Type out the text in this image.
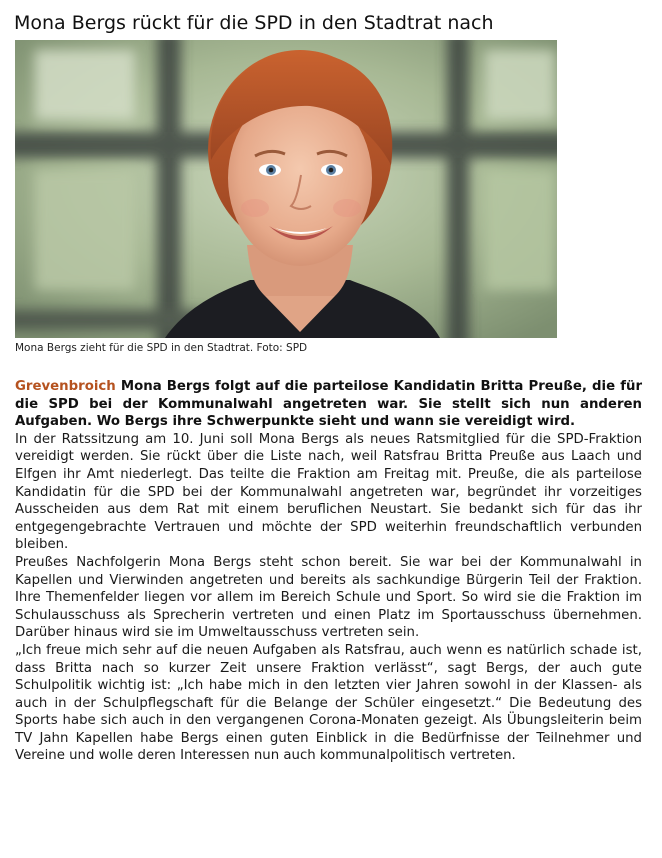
Mona Bergs rückt für die SPD in den Stadtrat nach
Mona Bergs zieht für die SPD in den Stadtrat. Foto: SPD

Grevenbroich Mona Bergs folgt auf die parteilose Kandidatin Britta Preuße, die für die SPD bei der Kommunalwahl angetreten war. Sie stellt sich nun anderen Aufgaben. Wo Bergs ihre Schwerpunkte sieht und wann sie vereidigt wird.

In der Ratssitzung am 10. Juni soll Mona Bergs als neues Ratsmitglied für die SPD-Fraktion vereidigt werden. Sie rückt über die Liste nach, weil Ratsfrau Britta Preuße aus Laach und Elfgen ihr Amt niederlegt. Das teilte die Fraktion am Freitag mit. Preuße, die als parteilose Kandidatin für die SPD bei der Kommunalwahl angetreten war, begründet ihr vorzeitiges Ausscheiden aus dem Rat mit einem beruflichen Neustart. Sie bedankt sich für das ihr entgegengebrachte Vertrauen und möchte der SPD weiterhin freundschaftlich verbunden bleiben.

Preußes Nachfolgerin Mona Bergs steht schon bereit. Sie war bei der Kommunalwahl in Kapellen und Vierwinden angetreten und bereits als sachkundige Bürgerin Teil der Fraktion. Ihre Themenfelder liegen vor allem im Bereich Schule und Sport. So wird sie die Fraktion im Schulausschuss als Sprecherin vertreten und einen Platz im Sportausschuss übernehmen. Darüber hinaus wird sie im Umweltausschuss vertreten sein.

„Ich freue mich sehr auf die neuen Aufgaben als Ratsfrau, auch wenn es natürlich schade ist, dass Britta nach so kurzer Zeit unsere Fraktion verlässt“, sagt Bergs, der auch gute Schulpolitik wichtig ist: „Ich habe mich in den letzten vier Jahren sowohl in der Klassen- als auch in der Schulpflegschaft für die Belange der Schüler eingesetzt.“ Die Bedeutung des Sports habe sich auch in den vergangenen Corona-Monaten gezeigt. Als Übungsleiterin beim TV Jahn Kapellen habe Bergs einen guten Einblick in die Bedürfnisse der Teilnehmer und Vereine und wolle deren Interessen nun auch kommunalpolitisch vertreten.
